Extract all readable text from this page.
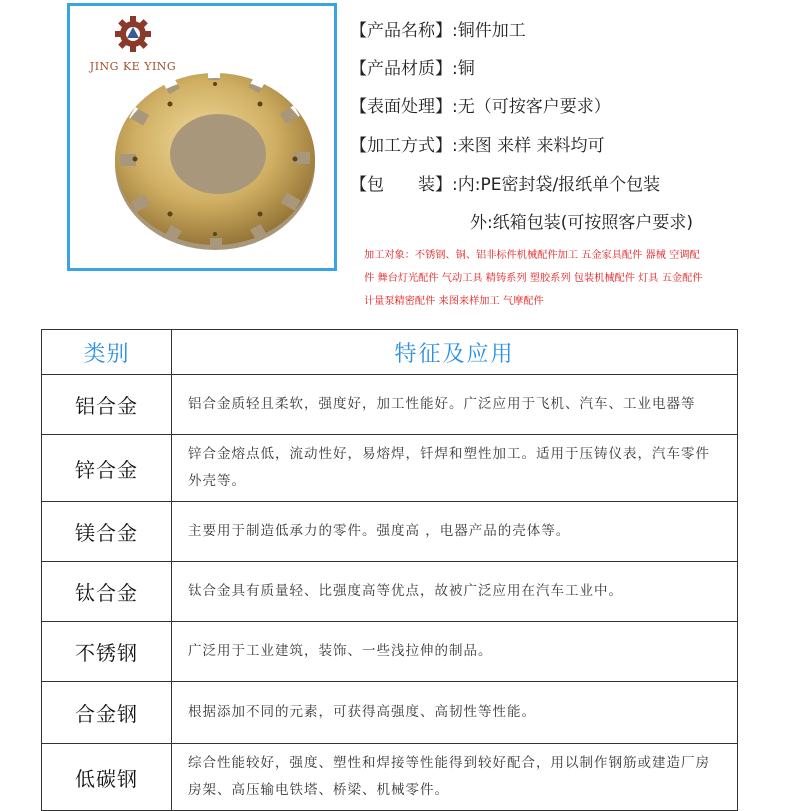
JING KE YING
【产品名称】:铜件加工
【产品材质】:铜
【表面处理】:无（可按客户要求）
【加工方式】:来图 来样 来料均可
【包　　装】:内:PE密封袋/报纸单个包装
外:纸箱包装(可按照客户要求)
加工对象：不锈钢、铜、铝非标件机械配件加工 五金家具配件 器械 空调配件 舞台灯光配件 气动工具 精铸系列 塑胶系列 包装机械配件 灯具 五金配件 计量泵精密配件 来图来样加工 气摩配件
类别	特征及应用
铝合金	铝合金质轻且柔软，强度好，加工性能好。广泛应用于飞机、汽车、工业电器等
锌合金	锌合金熔点低，流动性好，易熔焊，钎焊和塑性加工。适用于压铸仪表，汽车零件外壳等。
镁合金	主要用于制造低承力的零件。强度高 ，电器产品的壳体等。
钛合金	钛合金具有质量轻、比强度高等优点，故被广泛应用在汽车工业中。
不锈钢	广泛用于工业建筑，装饰、一些浅拉伸的制品。
合金钢	根据添加不同的元素，可获得高强度、高韧性等性能。
低碳钢	综合性能较好，强度、塑性和焊接等性能得到较好配合，用以制作钢筋或建造厂房房架、高压输电铁塔、桥梁、机械零件。
